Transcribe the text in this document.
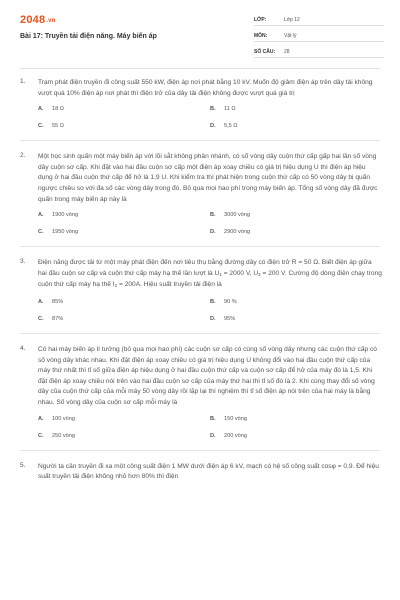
2048.vn
Bài 17: Truyền tải điện năng. Máy biến áp
LỚP:	Lớp 12
MÔN:	Vật lý
SỐ CÂU:	28
1. Trạm phát điện truyền đi công suất 550 kW, điện áp nơi phát bằng 10 kV. Muốn độ giảm điện áp trên dây tải không vượt quá 10% điện áp nơi phát thì điện trở của dây tải điện không được vượt quá giá trị
A.	18 Ω	B.	11 Ω
C.	55 Ω	D.	5,5 Ω
2. Một học sinh quấn một máy biến áp với lõi sắt không phân nhánh, có số vòng dây cuộn thứ cấp gấp hai lần số vòng dây cuộn sơ cấp. Khi đặt vào hai đầu cuộn sơ cấp một điện áp xoay chiều có giá trị hiệu dụng U thì điện áp hiệu dụng ở hai đầu cuộn thứ cấp để hở là 1,9 U. Khi kiểm tra thì phát hiện trong cuộn thứ cấp có 50 vòng dây bị quấn ngược chiều so với đa số các vòng dây trong đó. Bỏ qua mọi hao phí trong máy biến áp. Tổng số vòng dây đã được quấn trong máy biến áp này là
A.	1900 vòng	B.	3000 vòng
C.	1950 vòng	D.	2900 vòng
3. Điện năng được tải từ một máy phát điện đến nơi tiêu thụ bằng đường dây có điện trở R = 50 Ω. Biết điện áp giữa hai đầu cuộn sơ cấp và cuộn thứ cấp máy hạ thế lần lượt là $U_1 = 2000$ V, $U_2 = 200$ V. Cường độ dòng điện chạy trong cuộn thứ cấp máy hạ thế $I_2 = 200A$. Hiệu suất truyền tải điện là
A.	85%	B.	90 %
C.	87%	D.	95%
4. Có hai máy biến áp lí tưởng (bỏ qua mọi hao phí) các cuộn sơ cấp có cùng số vòng dây nhưng các cuộn thứ cấp có số vòng dây khác nhau. Khi đặt điện áp xoay chiều có giá trị hiệu dụng U không đổi vào hai đầu cuộn thứ cấp của máy thứ nhất thì tỉ số giữa điện áp hiệu dụng ở hai đầu cuộn thứ cấp và cuộn sơ cấp để hở của máy đó là 1,5. Khi đặt điện áp xoay chiều nói trên vào hai đầu cuộn sơ cấp của máy thứ hai thì tỉ số đó là 2. Khi cùng thay đổi số vòng dây của cuộn thứ cấp của mỗi máy 50 vòng dây rồi lặp lại thí nghiệm thì tỉ số điện áp nói trên của hai máy là bằng nhau. Số vòng dây của cuộn sơ cấp mỗi máy là
A.	100 vòng	B.	150 vòng
C.	250 vòng	D.	200 vòng
5. Người ta cần truyền đi xa một công suất điện 1 MW dưới điện áp 6 kV, mạch có hệ số công suất cosφ = 0,9. Để hiệu suất truyền tải điện không nhỏ hơn 80% thì điện
